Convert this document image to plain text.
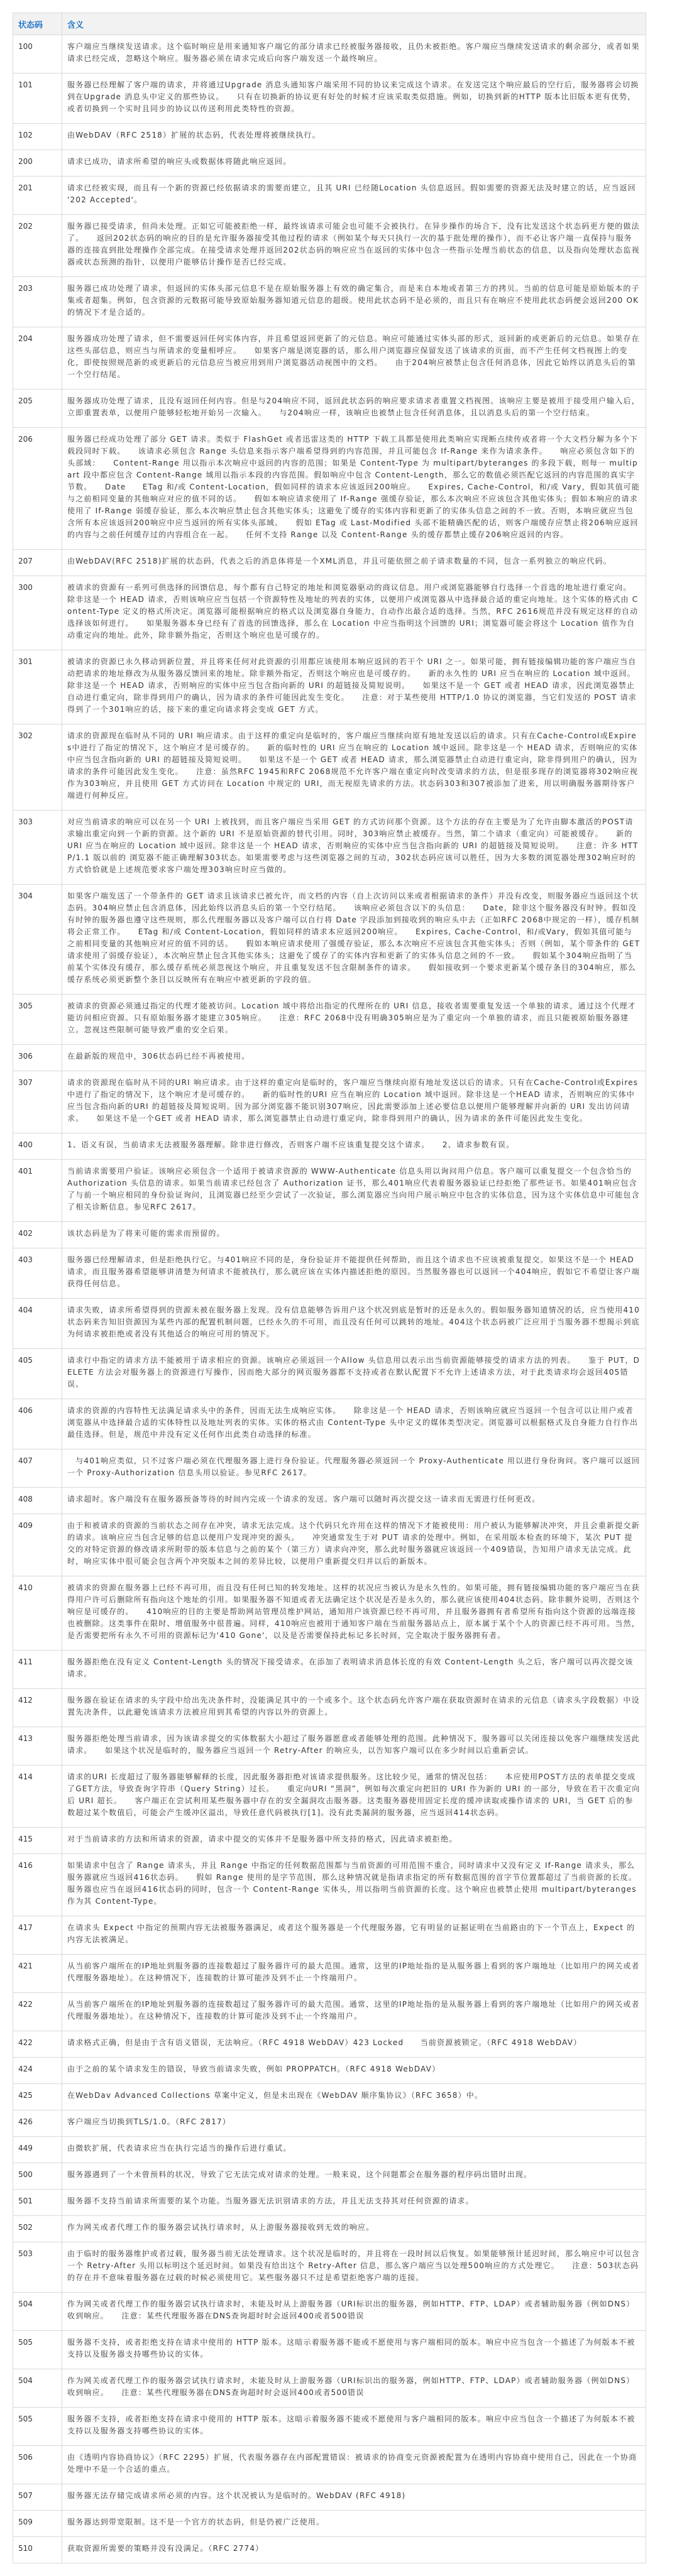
状态码	含义
100	客户端应当继续发送请求。这个临时响应是用来通知客户端它的部分请求已经被服务器接收，且仍未被拒绝。客户端应当继续发送请求的剩余部分，或者如果请求已经完成，忽略这个响应。服务器必须在请求完成后向客户端发送一个最终响应。
101	服务器已经理解了客户端的请求，并将通过Upgrade 消息头通知客户端采用不同的协议来完成这个请求。在发送完这个响应最后的空行后，服务器将会切换到在Upgrade 消息头中定义的那些协议。　　只有在切换新的协议更有好处的时候才应该采取类似措施。例如，切换到新的HTTP 版本比旧版本更有优势，或者切换到一个实时且同步的协议以传送利用此类特性的资源。
102	由WebDAV（RFC 2518）扩展的状态码，代表处理将被继续执行。
200	请求已成功，请求所希望的响应头或数据体将随此响应返回。
201	请求已经被实现，而且有一个新的资源已经依据请求的需要而建立，且其 URI 已经随Location 头信息返回。假如需要的资源无法及时建立的话，应当返回 '202 Accepted'。
202	服务器已接受请求，但尚未处理。正如它可能被拒绝一样，最终该请求可能会也可能不会被执行。在异步操作的场合下，没有比发送这个状态码更方便的做法了。　　返回202状态码的响应的目的是允许服务器接受其他过程的请求（例如某个每天只执行一次的基于批处理的操作），而不必让客户端一直保持与服务器的连接直到批处理操作全部完成。在接受请求处理并返回202状态码的响应应当在返回的实体中包含一些指示处理当前状态的信息，以及指向处理状态监视器或状态预测的指针，以便用户能够估计操作是否已经完成。
203	服务器已成功处理了请求，但返回的实体头部元信息不是在原始服务器上有效的确定集合，而是来自本地或者第三方的拷贝。当前的信息可能是原始版本的子集或者超集。例如，包含资源的元数据可能导致原始服务器知道元信息的超级。使用此状态码不是必须的，而且只有在响应不使用此状态码便会返回200 OK的情况下才是合适的。
204	服务器成功处理了请求，但不需要返回任何实体内容，并且希望返回更新了的元信息。响应可能通过实体头部的形式，返回新的或更新后的元信息。如果存在这些头部信息，则应当与所请求的变量相呼应。　　如果客户端是浏览器的话，那么用户浏览器应保留发送了该请求的页面，而不产生任何文档视图上的变化，即使按照规范新的或更新后的元信息应当被应用到用户浏览器活动视图中的文档。　　由于204响应被禁止包含任何消息体，因此它始终以消息头后的第一个空行结尾。
205	服务器成功处理了请求，且没有返回任何内容。但是与204响应不同，返回此状态码的响应要求请求者重置文档视图。该响应主要是被用于接受用户输入后，立即重置表单，以便用户能够轻松地开始另一次输入。　　与204响应一样，该响应也被禁止包含任何消息体，且以消息头后的第一个空行结束。
206	服务器已经成功处理了部分 GET 请求。类似于 FlashGet 或者迅雷这类的 HTTP 下载工具都是使用此类响应实现断点续传或者将一个大文档分解为多个下载段同时下载。　　该请求必须包含 Range 头信息来指示客户端希望得到的内容范围，并且可能包含 If-Range 来作为请求条件。　　响应必须包含如下的头部域：　　Content-Range 用以指示本次响应中返回的内容的范围；如果是 Content-Type 为 multipart/byteranges 的多段下载，则每一 multipart 段中都应包含 Content-Range 域用以指示本段的内容范围。假如响应中包含 Content-Length，那么它的数值必须匹配它返回的内容范围的真实字节数。　　Date　　ETag 和/或 Content-Location，假如同样的请求本应该返回200响应。　　Expires, Cache-Control，和/或 Vary，假如其值可能与之前相同变量的其他响应对应的值不同的话。　　假如本响应请求使用了 If-Range 强缓存验证，那么本次响应不应该包含其他实体头；假如本响应的请求使用了 If-Range 弱缓存验证，那么本次响应禁止包含其他实体头；这避免了缓存的实体内容和更新了的实体头信息之间的不一致。否则，本响应就应当包含所有本应该返回200响应中应当返回的所有实体头部域。　　假如 ETag 或 Last-Modified 头部不能精确匹配的话，则客户端缓存应禁止将206响应返回的内容与之前任何缓存过的内容组合在一起。　　任何不支持 Range 以及 Content-Range 头的缓存都禁止缓存206响应返回的内容。
207	由WebDAV(RFC 2518)扩展的状态码，代表之后的消息体将是一个XML消息，并且可能依照之前子请求数量的不同，包含一系列独立的响应代码。
300	被请求的资源有一系列可供选择的回馈信息，每个都有自己特定的地址和浏览器驱动的商议信息。用户或浏览器能够自行选择一个首选的地址进行重定向。　　除非这是一个 HEAD 请求，否则该响应应当包括一个资源特性及地址的列表的实体，以便用户或浏览器从中选择最合适的重定向地址。这个实体的格式由 Content-Type 定义的格式所决定。浏览器可能根据响应的格式以及浏览器自身能力，自动作出最合适的选择。当然，RFC 2616规范并没有规定这样的自动选择该如何进行。　　如果服务器本身已经有了首选的回馈选择，那么在 Location 中应当指明这个回馈的 URI；浏览器可能会将这个 Location 值作为自动重定向的地址。此外，除非额外指定，否则这个响应也是可缓存的。
301	被请求的资源已永久移动到新位置，并且将来任何对此资源的引用都应该使用本响应返回的若干个 URI 之一。如果可能，拥有链接编辑功能的客户端应当自动把请求的地址修改为从服务器反馈回来的地址。除非额外指定，否则这个响应也是可缓存的。　　新的永久性的 URI 应当在响应的 Location 域中返回。除非这是一个 HEAD 请求，否则响应的实体中应当包含指向新的 URI 的超链接及简短说明。　　如果这不是一个 GET 或者 HEAD 请求，因此浏览器禁止自动进行重定向，除非得到用户的确认，因为请求的条件可能因此发生变化。　　注意：对于某些使用 HTTP/1.0 协议的浏览器，当它们发送的 POST 请求得到了一个301响应的话，接下来的重定向请求将会变成 GET 方式。
302	请求的资源现在临时从不同的 URI 响应请求。由于这样的重定向是临时的，客户端应当继续向原有地址发送以后的请求。只有在Cache-Control或Expires中进行了指定的情况下，这个响应才是可缓存的。　　新的临时性的 URI 应当在响应的 Location 域中返回。除非这是一个 HEAD 请求，否则响应的实体中应当包含指向新的 URI 的超链接及简短说明。　　如果这不是一个 GET 或者 HEAD 请求，那么浏览器禁止自动进行重定向，除非得到用户的确认，因为请求的条件可能因此发生变化。　　注意：虽然RFC 1945和RFC 2068规范不允许客户端在重定向时改变请求的方法，但是很多现存的浏览器将302响应视作为303响应，并且使用 GET 方式访问在 Location 中规定的 URI，而无视原先请求的方法。状态码303和307被添加了进来，用以明确服务器期待客户端进行何种反应。
303	对应当前请求的响应可以在另一个 URI 上被找到，而且客户端应当采用 GET 的方式访问那个资源。这个方法的存在主要是为了允许由脚本激活的POST请求输出重定向到一个新的资源。这个新的 URI 不是原始资源的替代引用。同时，303响应禁止被缓存。当然，第二个请求（重定向）可能被缓存。　　新的 URI 应当在响应的 Location 域中返回。除非这是一个 HEAD 请求，否则响应的实体中应当包含指向新的 URI 的超链接及简短说明。　　注意：许多 HTTP/1.1 版以前的 浏览器不能正确理解303状态。如果需要考虑与这些浏览器之间的互动，302状态码应该可以胜任，因为大多数的浏览器处理302响应时的方式恰恰就是上述规范要求客户端处理303响应时应当做的。
304	如果客户端发送了一个带条件的 GET 请求且该请求已被允许，而文档的内容（自上次访问以来或者根据请求的条件）并没有改变，则服务器应当返回这个状态码。304响应禁止包含消息体，因此始终以消息头后的第一个空行结尾。　　该响应必须包含以下的头信息：　　Date，除非这个服务器没有时钟。假如没有时钟的服务器也遵守这些规则，那么代理服务器以及客户端可以自行将 Date 字段添加到接收到的响应头中去（正如RFC 2068中规定的一样），缓存机制将会正常工作。　　ETag 和/或 Content-Location，假如同样的请求本应返回200响应。　　Expires, Cache-Control，和/或Vary，假如其值可能与之前相同变量的其他响应对应的值不同的话。　　假如本响应请求使用了强缓存验证，那么本次响应不应该包含其他实体头；否则（例如，某个带条件的 GET 请求使用了弱缓存验证），本次响应禁止包含其他实体头；这避免了缓存了的实体内容和更新了的实体头信息之间的不一致。　　假如某个304响应指明了当前某个实体没有缓存，那么缓存系统必须忽视这个响应，并且重复发送不包含限制条件的请求。　　假如接收到一个要求更新某个缓存条目的304响应，那么缓存系统必须更新整个条目以反映所有在响应中被更新的字段的值。
305	被请求的资源必须通过指定的代理才能被访问。Location 域中将给出指定的代理所在的 URI 信息，接收者需要重复发送一个单独的请求，通过这个代理才能访问相应资源。只有原始服务器才能建立305响应。　　注意：RFC 2068中没有明确305响应是为了重定向一个单独的请求，而且只能被原始服务器建立。忽视这些限制可能导致严重的安全后果。
306	在最新版的规范中，306状态码已经不再被使用。
307	请求的资源现在临时从不同的URI 响应请求。由于这样的重定向是临时的，客户端应当继续向原有地址发送以后的请求。只有在Cache-Control或Expires中进行了指定的情况下，这个响应才是可缓存的。　　新的临时性的URI 应当在响应的 Location 域中返回。除非这是一个HEAD 请求，否则响应的实体中应当包含指向新的URI 的超链接及简短说明。因为部分浏览器不能识别307响应，因此需要添加上述必要信息以便用户能够理解并向新的 URI 发出访问请求。　　如果这不是一个GET 或者 HEAD 请求，那么浏览器禁止自动进行重定向，除非得到用户的确认，因为请求的条件可能因此发生变化。
400	1、语义有误，当前请求无法被服务器理解。除非进行修改，否则客户端不应该重复提交这个请求。　　2、请求参数有误。
401	当前请求需要用户验证。该响应必须包含一个适用于被请求资源的 WWW-Authenticate 信息头用以询问用户信息。客户端可以重复提交一个包含恰当的 Authorization 头信息的请求。如果当前请求已经包含了 Authorization 证书，那么401响应代表着服务器验证已经拒绝了那些证书。如果401响应包含了与前一个响应相同的身份验证询问，且浏览器已经至少尝试了一次验证，那么浏览器应当向用户展示响应中包含的实体信息，因为这个实体信息中可能包含了相关诊断信息。参见RFC 2617。
402	该状态码是为了将来可能的需求而预留的。
403	服务器已经理解请求，但是拒绝执行它。与401响应不同的是，身份验证并不能提供任何帮助，而且这个请求也不应该被重复提交。如果这不是一个 HEAD 请求，而且服务器希望能够讲清楚为何请求不能被执行，那么就应该在实体内描述拒绝的原因。当然服务器也可以返回一个404响应，假如它不希望让客户端获得任何信息。
404	请求失败，请求所希望得到的资源未被在服务器上发现。没有信息能够告诉用户这个状况到底是暂时的还是永久的。假如服务器知道情况的话，应当使用410状态码来告知旧资源因为某些内部的配置机制问题，已经永久的不可用，而且没有任何可以跳转的地址。404这个状态码被广泛应用于当服务器不想揭示到底为何请求被拒绝或者没有其他适合的响应可用的情况下。
405	请求行中指定的请求方法不能被用于请求相应的资源。该响应必须返回一个Allow 头信息用以表示出当前资源能够接受的请求方法的列表。　　鉴于 PUT，DELETE 方法会对服务器上的资源进行写操作，因而绝大部分的网页服务器都不支持或者在默认配置下不允许上述请求方法，对于此类请求均会返回405错误。
406	请求的资源的内容特性无法满足请求头中的条件，因而无法生成响应实体。　　除非这是一个 HEAD 请求，否则该响应就应当返回一个包含可以让用户或者浏览器从中选择最合适的实体特性以及地址列表的实体。实体的格式由 Content-Type 头中定义的媒体类型决定。浏览器可以根据格式及自身能力自行作出最佳选择。但是，规范中并没有定义任何作出此类自动选择的标准。
407	　与401响应类似，只不过客户端必须在代理服务器上进行身份验证。代理服务器必须返回一个 Proxy-Authenticate 用以进行身份询问。客户端可以返回一个 Proxy-Authorization 信息头用以验证。参见RFC 2617。
408	请求超时。客户端没有在服务器预备等待的时间内完成一个请求的发送。客户端可以随时再次提交这一请求而无需进行任何更改。
409	由于和被请求的资源的当前状态之间存在冲突，请求无法完成。这个代码只允许用在这样的情况下才能被使用：用户被认为能够解决冲突，并且会重新提交新的请求。该响应应当包含足够的信息以便用户发现冲突的源头。　　冲突通常发生于对 PUT 请求的处理中。例如，在采用版本检查的环境下，某次 PUT 提交的对特定资源的修改请求所附带的版本信息与之前的某个（第三方）请求向冲突，那么此时服务器就应该返回一个409错误，告知用户请求无法完成。此时，响应实体中很可能会包含两个冲突版本之间的差异比较，以便用户重新提交归并以后的新版本。
410	被请求的资源在服务器上已经不再可用，而且没有任何已知的转发地址。这样的状况应当被认为是永久性的。如果可能，拥有链接编辑功能的客户端应当在获得用户许可后删除所有指向这个地址的引用。如果服务器不知道或者无法确定这个状况是否是永久的，那么就应该使用404状态码。除非额外说明，否则这个响应是可缓存的。　　410响应的目的主要是帮助网站管理员维护网站，通知用户该资源已经不再可用，并且服务器拥有者希望所有指向这个资源的远端连接也被删除。这类事件在限时、增值服务中很普遍。同样，410响应也被用于通知客户端在当前服务器站点上，原本属于某个个人的资源已经不再可用。当然，是否需要把所有永久不可用的资源标记为'410 Gone'，以及是否需要保持此标记多长时间，完全取决于服务器拥有者。
411	服务器拒绝在没有定义 Content-Length 头的情况下接受请求。在添加了表明请求消息体长度的有效 Content-Length 头之后，客户端可以再次提交该请求。
412	服务器在验证在请求的头字段中给出先决条件时，没能满足其中的一个或多个。这个状态码允许客户端在获取资源时在请求的元信息（请求头字段数据）中设置先决条件，以此避免该请求方法被应用到其希望的内容以外的资源上。
413	服务器拒绝处理当前请求，因为该请求提交的实体数据大小超过了服务器愿意或者能够处理的范围。此种情况下，服务器可以关闭连接以免客户端继续发送此请求。　　如果这个状况是临时的，服务器应当返回一个 Retry-After 的响应头，以告知客户端可以在多少时间以后重新尝试。
414	请求的URI 长度超过了服务器能够解释的长度，因此服务器拒绝对该请求提供服务。这比较少见，通常的情况包括：　　本应使用POST方法的表单提交变成了GET方法，导致查询字符串（Query String）过长。　　重定向URI “黑洞”，例如每次重定向把旧的 URI 作为新的 URI 的一部分，导致在若干次重定向后 URI 超长。　　客户端正在尝试利用某些服务器中存在的安全漏洞攻击服务器。这类服务器使用固定长度的缓冲读取或操作请求的 URI，当 GET 后的参数超过某个数值后，可能会产生缓冲区溢出，导致任意代码被执行[1]。没有此类漏洞的服务器，应当返回414状态码。
415	对于当前请求的方法和所请求的资源，请求中提交的实体并不是服务器中所支持的格式，因此请求被拒绝。
416	如果请求中包含了 Range 请求头，并且 Range 中指定的任何数据范围都与当前资源的可用范围不重合，同时请求中又没有定义 If-Range 请求头，那么服务器就应当返回416状态码。　　假如 Range 使用的是字节范围，那么这种情况就是指请求指定的所有数据范围的首字节位置都超过了当前资源的长度。服务器也应当在返回416状态码的同时，包含一个 Content-Range 实体头，用以指明当前资源的长度。这个响应也被禁止使用 multipart/byteranges 作为其 Content-Type。
417	在请求头 Expect 中指定的预期内容无法被服务器满足，或者这个服务器是一个代理服务器，它有明显的证据证明在当前路由的下一个节点上，Expect 的内容无法被满足。
421	从当前客户端所在的IP地址到服务器的连接数超过了服务器许可的最大范围。通常，这里的IP地址指的是从服务器上看到的客户端地址（比如用户的网关或者代理服务器地址）。在这种情况下，连接数的计算可能涉及到不止一个终端用户。
422	从当前客户端所在的IP地址到服务器的连接数超过了服务器许可的最大范围。通常，这里的IP地址指的是从服务器上看到的客户端地址（比如用户的网关或者代理服务器地址）。在这种情况下，连接数的计算可能涉及到不止一个终端用户。
422	请求格式正确，但是由于含有语义错误，无法响应。（RFC 4918 WebDAV）423 Locked　　当前资源被锁定。（RFC 4918 WebDAV）
424	由于之前的某个请求发生的错误，导致当前请求失败，例如 PROPPATCH。（RFC 4918 WebDAV）
425	在WebDav Advanced Collections 草案中定义，但是未出现在《WebDAV 顺序集协议》（RFC 3658）中。
426	客户端应当切换到TLS/1.0。（RFC 2817）
449	由微软扩展，代表请求应当在执行完适当的操作后进行重试。
500	服务器遇到了一个未曾预料的状况，导致了它无法完成对请求的处理。一般来说，这个问题都会在服务器的程序码出错时出现。
501	服务器不支持当前请求所需要的某个功能。当服务器无法识别请求的方法，并且无法支持其对任何资源的请求。
502	作为网关或者代理工作的服务器尝试执行请求时，从上游服务器接收到无效的响应。
503	由于临时的服务器维护或者过载，服务器当前无法处理请求。这个状况是临时的，并且将在一段时间以后恢复。如果能够预计延迟时间，那么响应中可以包含一个 Retry-After 头用以标明这个延迟时间。如果没有给出这个 Retry-After 信息，那么客户端应当以处理500响应的方式处理它。　　注意：503状态码的存在并不意味着服务器在过载的时候必须使用它。某些服务器只不过是希望拒绝客户端的连接。
504	作为网关或者代理工作的服务器尝试执行请求时，未能及时从上游服务器（URI标识出的服务器，例如HTTP、FTP、LDAP）或者辅助服务器（例如DNS）收到响应。　　注意：某些代理服务器在DNS查询超时时会返回400或者500错误
505	服务器不支持，或者拒绝支持在请求中使用的 HTTP 版本。这暗示着服务器不能或不愿使用与客户端相同的版本。响应中应当包含一个描述了为何版本不被支持以及服务器支持哪些协议的实体。
504	作为网关或者代理工作的服务器尝试执行请求时，未能及时从上游服务器（URI标识出的服务器，例如HTTP、FTP、LDAP）或者辅助服务器（例如DNS）收到响应。　　注意：某些代理服务器在DNS查询超时时会返回400或者500错误
505	服务器不支持，或者拒绝支持在请求中使用的 HTTP 版本。这暗示着服务器不能或不愿使用与客户端相同的版本。响应中应当包含一个描述了为何版本不被支持以及服务器支持哪些协议的实体。
506	由《透明内容协商协议》（RFC 2295）扩展，代表服务器存在内部配置错误：被请求的协商变元资源被配置为在透明内容协商中使用自己，因此在一个协商处理中不是一个合适的重点。
507	服务器无法存储完成请求所必须的内容。这个状况被认为是临时的。WebDAV (RFC 4918)
509	服务器达到带宽限制。这不是一个官方的状态码，但是仍被广泛使用。
510	获取资源所需要的策略并没有没满足。（RFC 2774）
